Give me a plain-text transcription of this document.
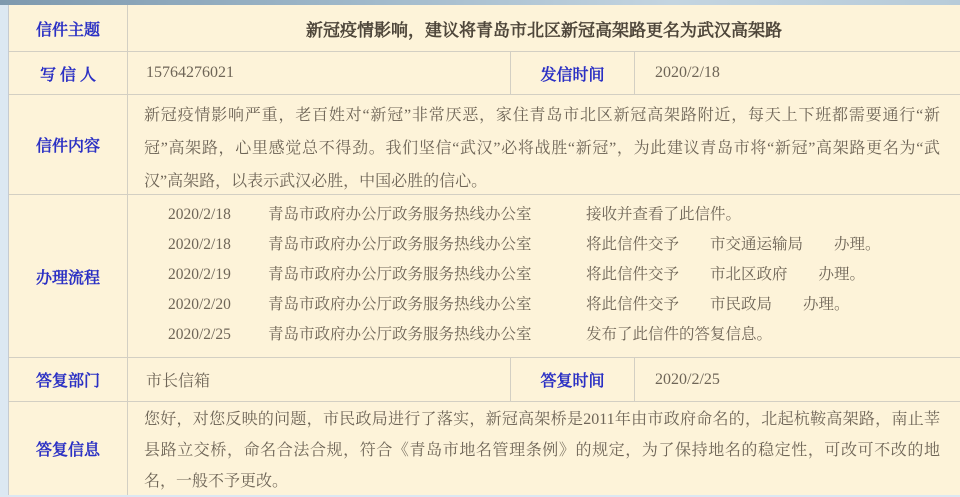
信件主题	新冠疫情影响，建议将青岛市北区新冠高架路更名为武汉高架路
写 信 人	15764276021	发信时间	2020/2/18
信件内容

新冠疫情影响严重，老百姓对“新冠”非常厌恶，家住青岛市北区新冠高架路附近，每天上下班都需要通行“新冠”高架路，心里感觉总不得劲。我们坚信“武汉”必将战胜“新冠”，为此建议青岛市将“新冠”高架路更名为“武汉”高架路，以表示武汉必胜，中国必胜的信心。

办理流程
2020/2/18	青岛市政府办公厅政务服务热线办公室	接收并查看了此信件。
2020/2/18	青岛市政府办公厅政务服务热线办公室	将此信件交予　　市交通运输局　　办理。
2020/2/19	青岛市政府办公厅政务服务热线办公室	将此信件交予　　市北区政府　　办理。
2020/2/20	青岛市政府办公厅政务服务热线办公室	将此信件交予　　市民政局　　办理。
2020/2/25	青岛市政府办公厅政务服务热线办公室	发布了此信件的答复信息。
答复部门	市长信箱	答复时间	2020/2/25
答复信息

您好，对您反映的问题，市民政局进行了落实，新冠高架桥是2011年由市政府命名的，北起杭鞍高架路，南止莘县路立交桥，命名合法合规，符合《青岛市地名管理条例》的规定，为了保持地名的稳定性，可改可不改的地名，一般不予更改。
